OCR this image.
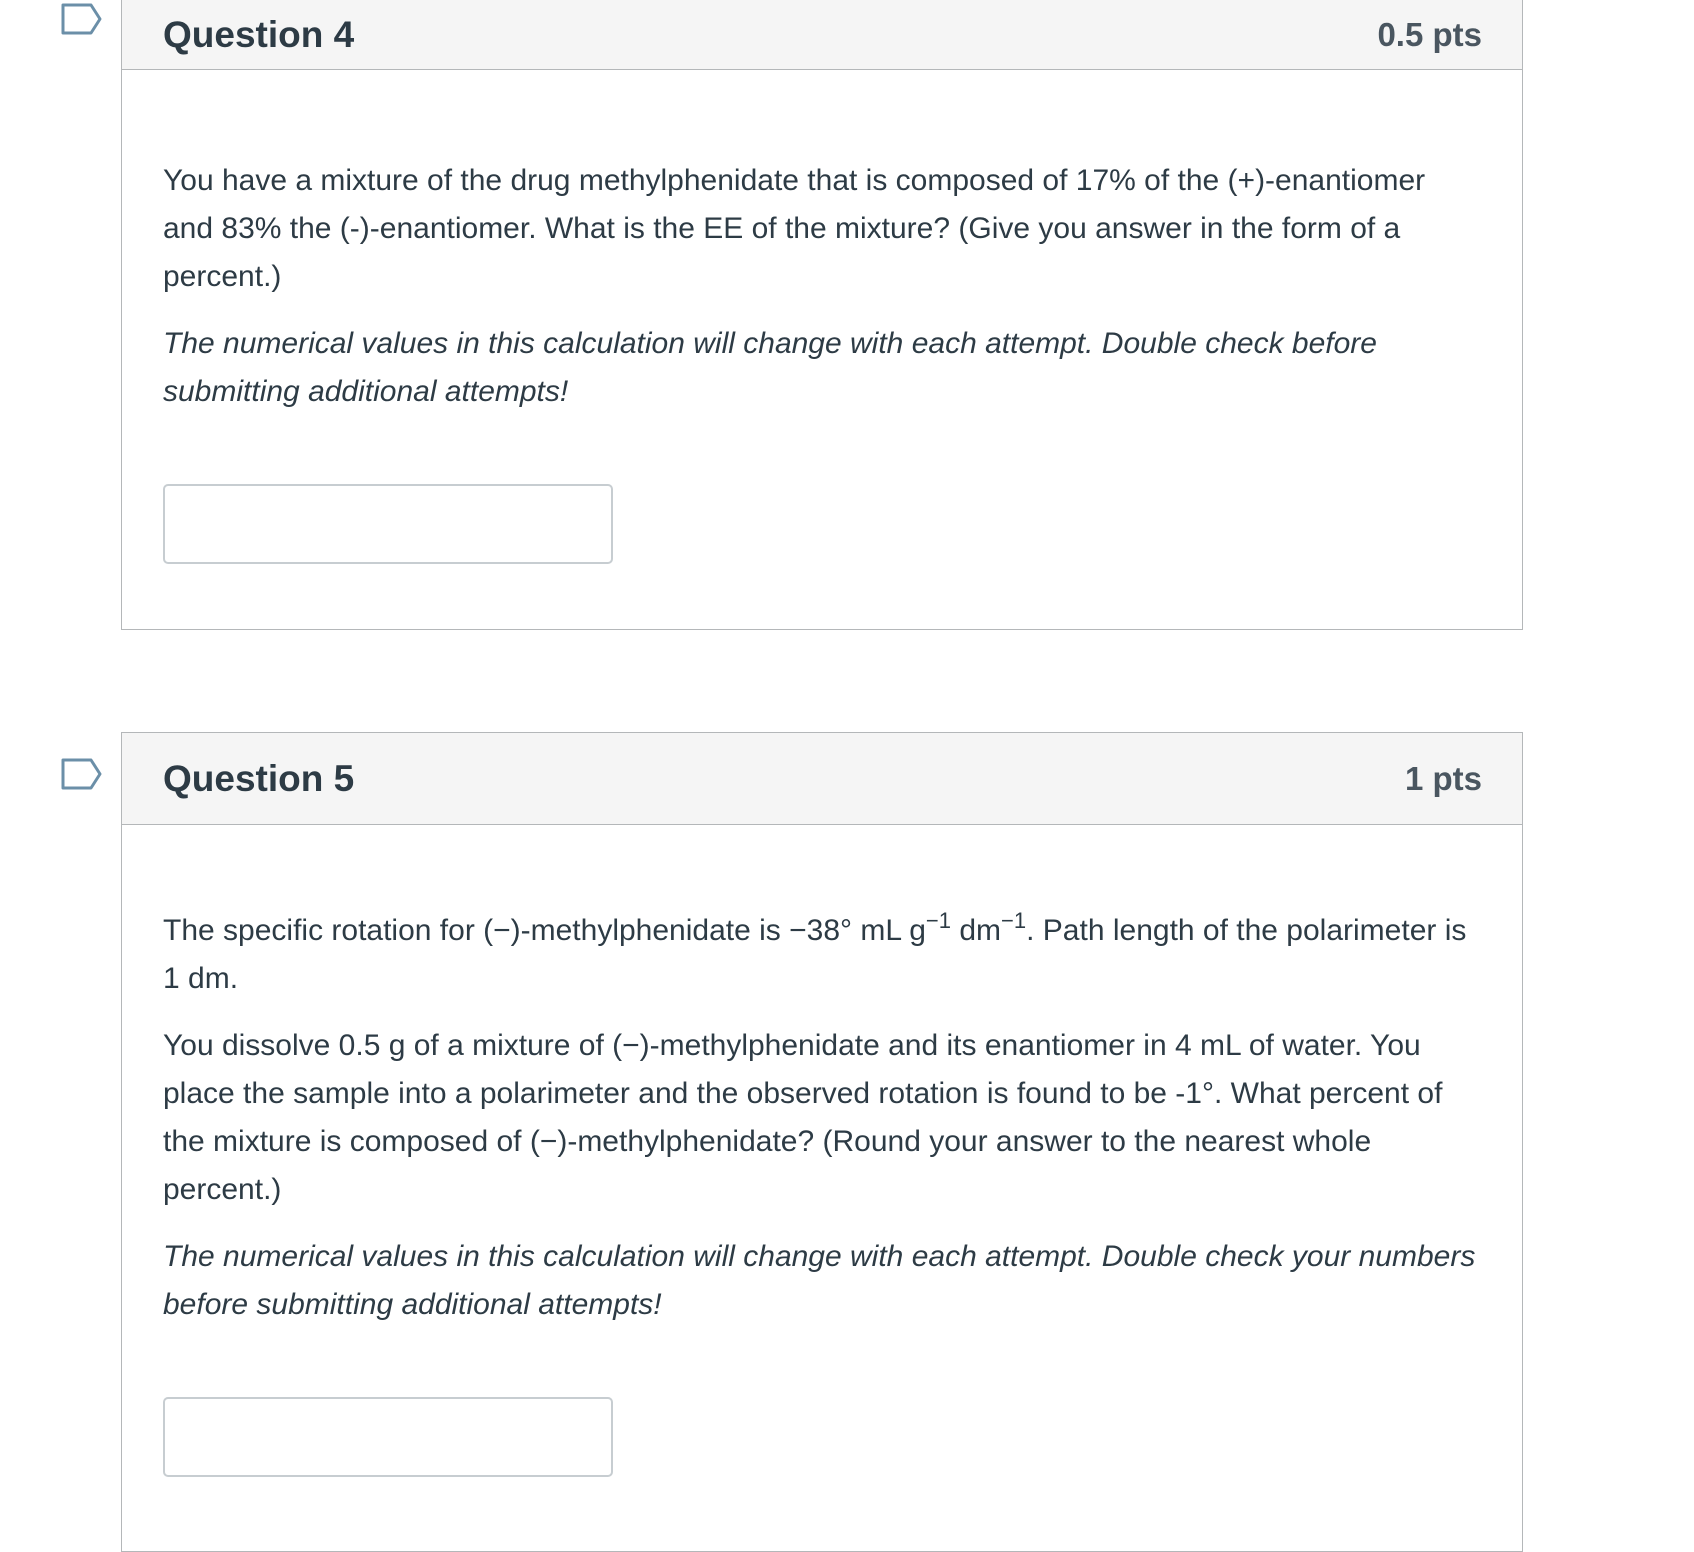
Question 4	0.5 pts

You have a mixture of the drug methylphenidate that is composed of 17% of the (+)-enantiomer and 83% the (-)-enantiomer. What is the EE of the mixture? (Give you answer in the form of a percent.)

The numerical values in this calculation will change with each attempt. Double check before submitting additional attempts!

Question 5	1 pts

The specific rotation for (−)-methylphenidate is −38° mL $g^{-1}$ $dm^{-1}$. Path length of the polarimeter is 1 dm.

You dissolve 0.5 g of a mixture of (−)-methylphenidate and its enantiomer in 4 mL of water. You place the sample into a polarimeter and the observed rotation is found to be -1°. What percent of the mixture is composed of (−)-methylphenidate? (Round your answer to the nearest whole percent.)

The numerical values in this calculation will change with each attempt. Double check your numbers before submitting additional attempts!
